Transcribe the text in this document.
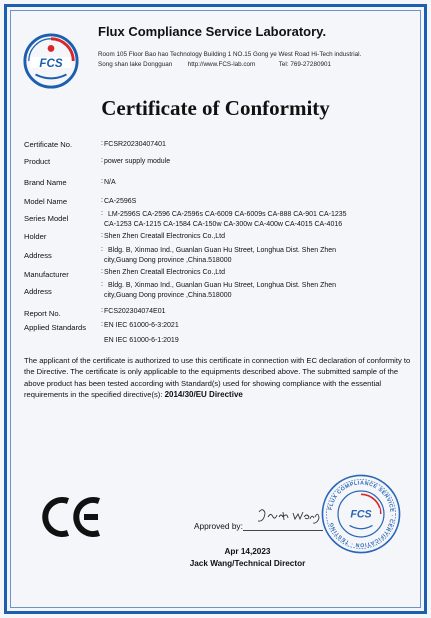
FCS
Flux Compliance Service Laboratory.
Room 105 Floor Bao hao Technology Building 1 NO.15 Gong ye West Road Hi-Tech industrial.
Song shan lake Dongguan http://www.FCS-lab.com	Tel: 769-27280901
Certificate of Conformity
Certificate No.	: FCSR20230407401
Product	: power supply module
Brand Name	: N/A
Model Name	: CA-2596S
Series Model
: LM-2596S CA-2596 CA-2596s CA-6009 CA-6009s CA-888 CA-901 CA-1235
CA-1253 CA-1215 CA-1584 CA-150w CA-300w CA-400w CA-4015 CA-4016
Holder	: Shen Zhen Creatall Electronics Co.,Ltd
Address
: Bldg. B, Xinmao Ind., Guanlan Guan Hu Street, Longhua Dist. Shen Zhen
city,Guang Dong province ,China.518000
Manufacturer	: Shen Zhen Creatall Electronics Co.,Ltd
Address
: Bldg. B, Xinmao Ind., Guanlan Guan Hu Street, Longhua Dist. Shen Zhen
city,Guang Dong province ,China.518000
Report No.	: FCS202304074E01
Applied Standards : EN IEC 61000-6-3:2021
EN IEC 61000-6-1:2019
The applicant of the certificate is authorized to use this certificate in connection with EC declaration of conformity to the Directive. The certificate is only applicable to the equipments described above. The submitted sample of the above product has been tested according with Standard(s) used for showing compliance with the essential requirements in the specified directive(s): 2014/30/EU Directive
CE
Approved by:
FLUX COMPLIANCE SERVICE · CERTIFICATION · TESTING
FCS
Apr 14,2023
Jack Wang/Technical Director
